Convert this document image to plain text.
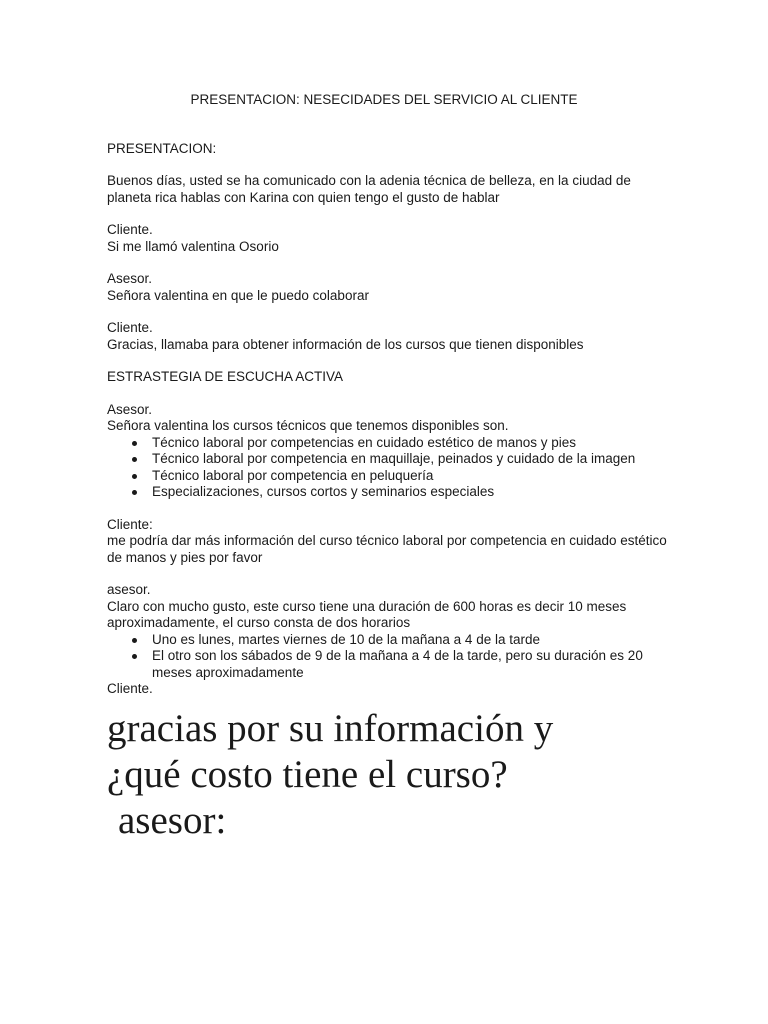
PRESENTACION: NESECIDADES DEL SERVICIO AL CLIENTE

PRESENTACION:

Buenos días, usted se ha comunicado con la adenia técnica de belleza, en la ciudad de planeta rica hablas con Karina con quien tengo el gusto de hablar

Cliente.

Si me llamó valentina Osorio

Asesor.

Señora valentina en que le puedo colaborar

Cliente.

Gracias, llamaba para obtener información de los cursos que tienen disponibles

ESTRASTEGIA DE ESCUCHA ACTIVA

Asesor.

Señora valentina los cursos técnicos que tenemos disponibles son.

Técnico laboral por competencias en cuidado estético de manos y pies
Técnico laboral por competencia en maquillaje, peinados y cuidado de la imagen
Técnico laboral por competencia en peluquería
Especializaciones, cursos cortos y seminarios especiales

Cliente:

me podría dar más información del curso técnico laboral por competencia en cuidado estético de manos y pies por favor

asesor.

Claro con mucho gusto, este curso tiene una duración de 600 horas es decir 10 meses aproximadamente, el curso consta de dos horarios

Uno es lunes, martes viernes de 10 de la mañana a 4 de la tarde
El otro son los sábados de 9 de la mañana a 4 de la tarde, pero su duración es 20 meses aproximadamente

Cliente.

gracias por su información y

¿qué costo tiene el curso?

asesor:
